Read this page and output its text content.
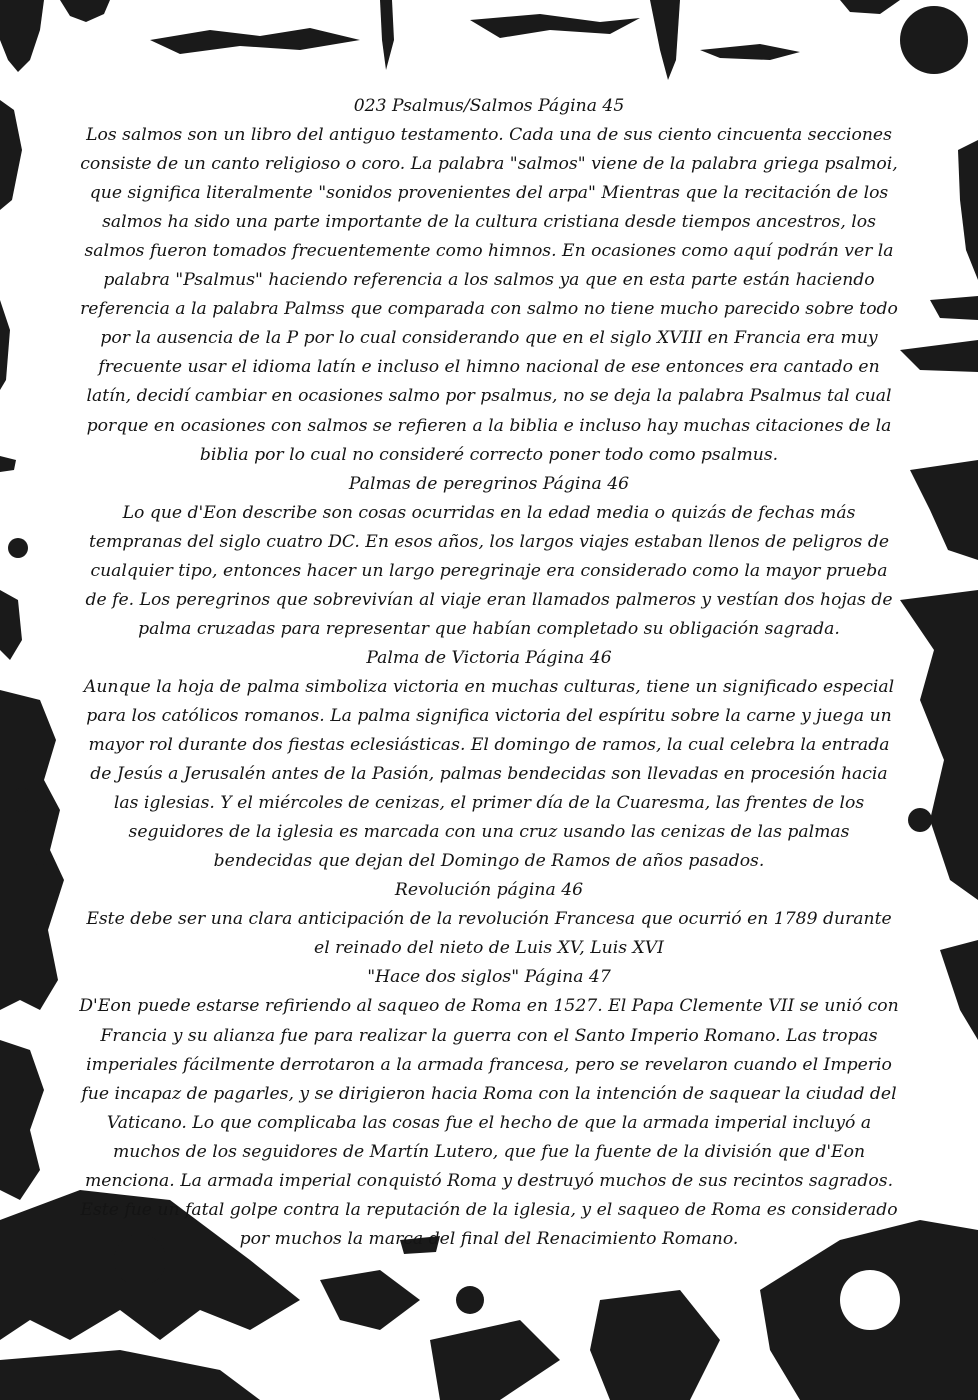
023 Psalmus/Salmos Página 45

Los salmos son un libro del antiguo testamento. Cada una de sus ciento cincuenta secciones consiste de un canto religioso o coro. La palabra "salmos" viene de la palabra griega psalmoi, que significa literalmente "sonidos provenientes del arpa" Mientras que la recitación de los salmos ha sido una parte importante de la cultura cristiana desde tiempos ancestros, los salmos fueron tomados frecuentemente como himnos. En ocasiones como aquí podrán ver la palabra "Psalmus" haciendo referencia a los salmos ya que en esta parte están haciendo referencia a la palabra Palmss que comparada con salmo no tiene mucho parecido sobre todo por la ausencia de la P por lo cual considerando que en el siglo XVIII en Francia era muy frecuente usar el idioma latín e incluso el himno nacional de ese entonces era cantado en latín, decidí cambiar en ocasiones salmo por psalmus, no se deja la palabra Psalmus tal cual porque en ocasiones con salmos se refieren a la biblia e incluso hay muchas citaciones de la biblia por lo cual no consideré correcto poner todo como psalmus.

Palmas de peregrinos Página 46

Lo que d'Eon describe son cosas ocurridas en la edad media o quizás de fechas más tempranas del siglo cuatro DC. En esos años, los largos viajes estaban llenos de peligros de cualquier tipo, entonces hacer un largo peregrinaje era considerado como la mayor prueba de fe. Los peregrinos que sobrevivían al viaje eran llamados palmeros y vestían dos hojas de palma cruzadas para representar que habían completado su obligación sagrada.

Palma de Victoria Página 46

Aunque la hoja de palma simboliza victoria en muchas culturas, tiene un significado especial para los católicos romanos. La palma significa victoria del espíritu sobre la carne y juega un mayor rol durante dos fiestas eclesiásticas. El domingo de ramos, la cual celebra la entrada de Jesús a Jerusalén antes de la Pasión, palmas bendecidas son llevadas en procesión hacia las iglesias. Y el miércoles de cenizas, el primer día de la Cuaresma, las frentes de los seguidores de la iglesia es marcada con una cruz usando las cenizas de las palmas bendecidas que dejan del Domingo de Ramos de años pasados.

Revolución página 46

Este debe ser una clara anticipación de la revolución Francesa que ocurrió en 1789 durante el reinado del nieto de Luis XV, Luis XVI

"Hace dos siglos" Página 47

D'Eon puede estarse refiriendo al saqueo de Roma en 1527. El Papa Clemente VII se unió con Francia y su alianza fue para realizar la guerra con el Santo Imperio Romano. Las tropas imperiales fácilmente derrotaron a la armada francesa, pero se revelaron cuando el Imperio fue incapaz de pagarles, y se dirigieron hacia Roma con la intención de saquear la ciudad del Vaticano. Lo que complicaba las cosas fue el hecho de que la armada imperial incluyó a muchos de los seguidores de Martín Lutero, que fue la fuente de la división que d'Eon menciona. La armada imperial conquistó Roma y destruyó muchos de sus recintos sagrados. Este fue un fatal golpe contra la reputación de la iglesia, y el saqueo de Roma es considerado por muchos la marca del final del Renacimiento Romano.
